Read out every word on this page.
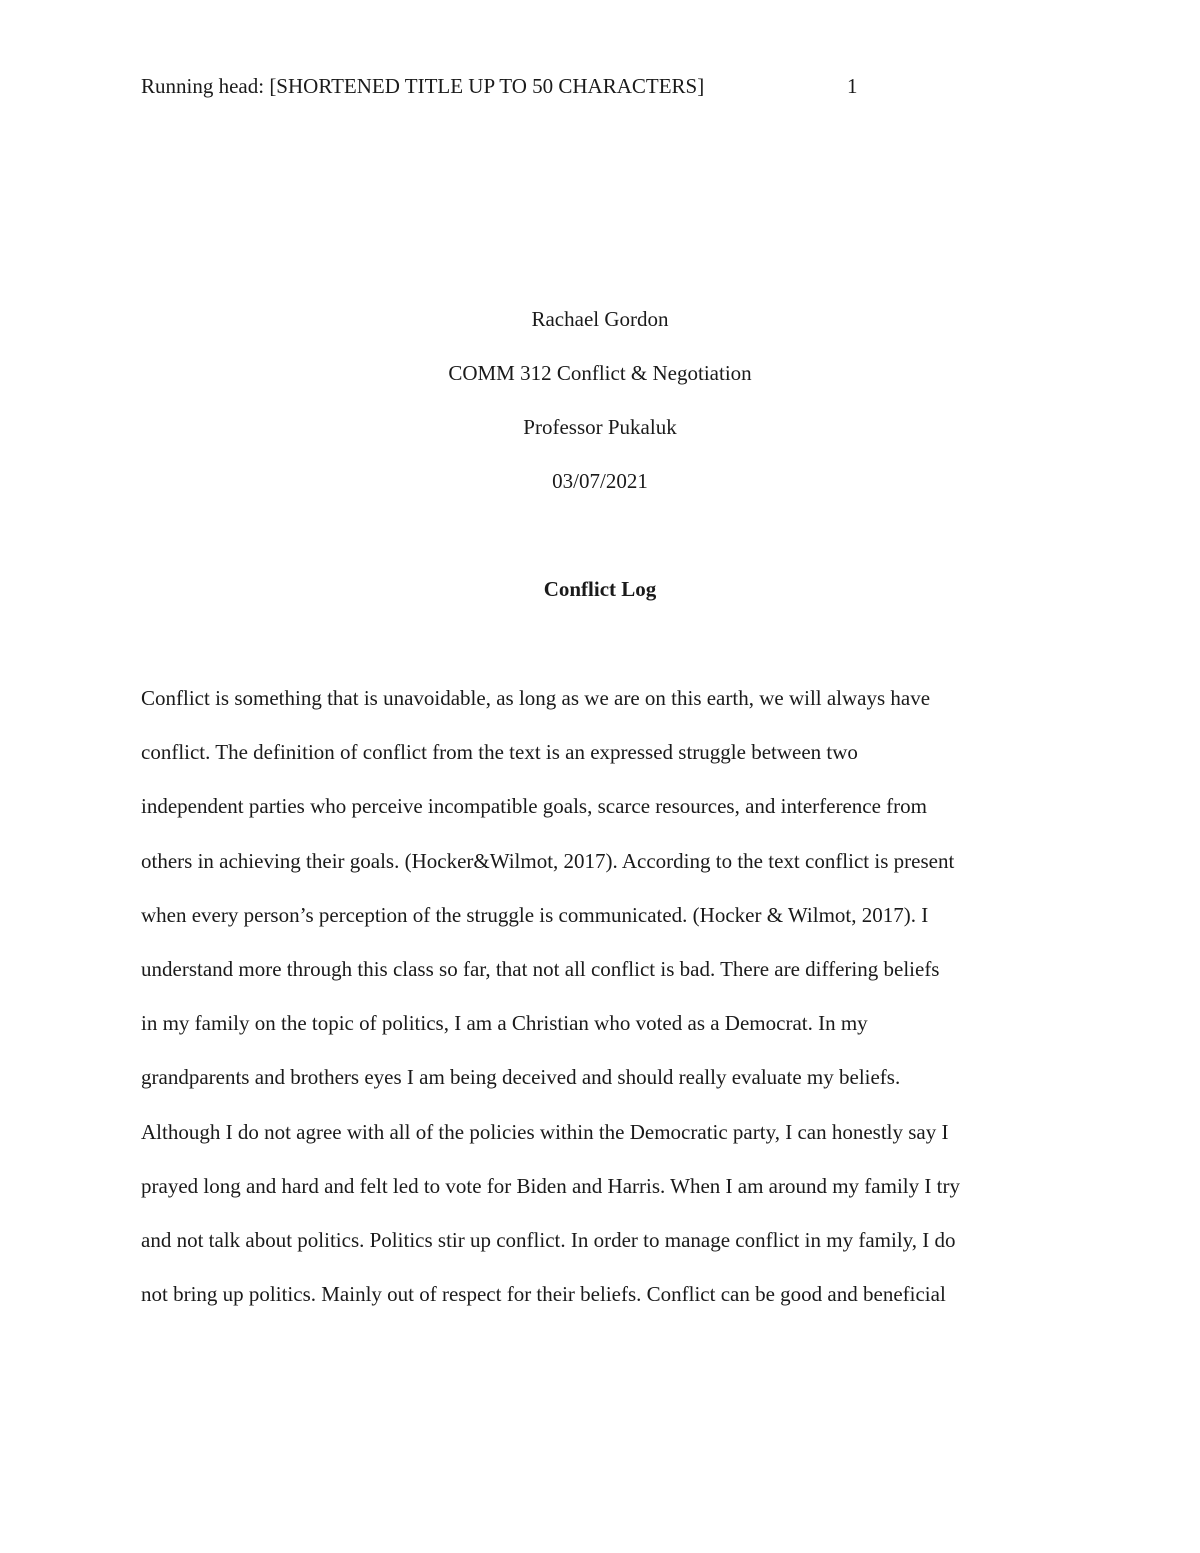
Running head: [SHORTENED TITLE UP TO 50 CHARACTERS]	1
Rachael Gordon
COMM 312 Conflict & Negotiation
Professor Pukaluk
03/07/2021
Conflict Log
Conflict is something that is unavoidable, as long as we are on this earth, we will always have
conflict. The definition of conflict from the text is an expressed struggle between two
independent parties who perceive incompatible goals, scarce resources, and interference from
others in achieving their goals. (Hocker&Wilmot, 2017). According to the text conflict is present
when every person’s perception of the struggle is communicated. (Hocker & Wilmot, 2017). I
understand more through this class so far, that not all conflict is bad. There are differing beliefs
in my family on the topic of politics, I am a Christian who voted as a Democrat. In my
grandparents and brothers eyes I am being deceived and should really evaluate my beliefs.
Although I do not agree with all of the policies within the Democratic party, I can honestly say I
prayed long and hard and felt led to vote for Biden and Harris. When I am around my family I try
and not talk about politics. Politics stir up conflict. In order to manage conflict in my family, I do
not bring up politics. Mainly out of respect for their beliefs. Conflict can be good and beneficial
